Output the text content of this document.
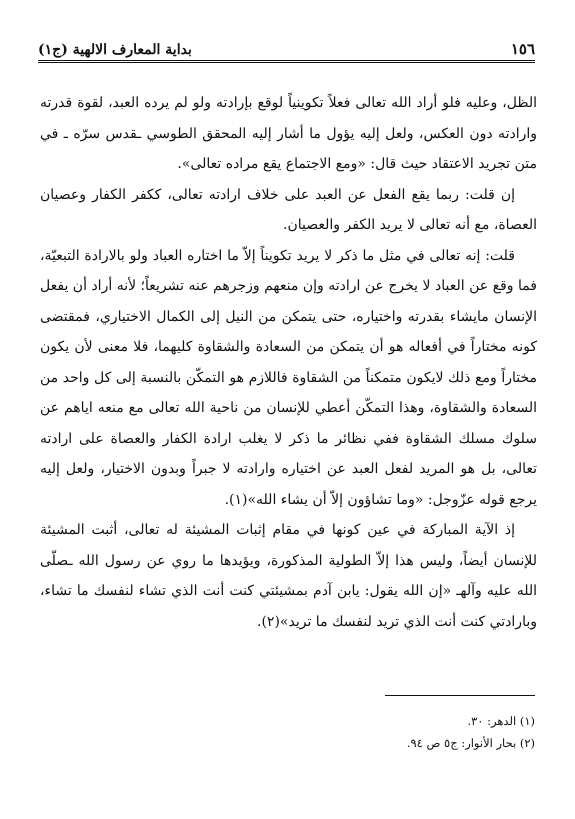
١٥٦
بداية المعارف الالهية (ج١)

الظل، وعليه فلو أراد الله تعالى فعلاً تكوينياً لوقع بإرادته ولو لم يرده العبد، لقوة قدرته وارادته دون العكس، ولعل إليه يؤول ما أشار إليه المحقق الطوسي ـقدس سرّه ـ في متن تجريد الاعتقاد حيث قال: «ومع الاجتماع يقع مراده تعالى».

إن قلت: ربما يقع الفعل عن العبد على خلاف ارادته تعالى، ككفر الكفار وعصيان العصاة، مع أنه تعالى لا يريد الكفر والعصيان.

قلت: إنه تعالى في مثل ما ذكر لا يريد تكويناً إلاّ ما اختاره العباد ولو بالارادة التبعيّة، فما وقع عن العباد لا يخرج عن ارادته وإن منعهم وزجرهم عنه تشريعاً؛ لأنه أراد أن يفعل الإنسان مايشاء بقدرته واختياره، حتى يتمكن من النيل إلى الكمال الاختياري، فمقتضى كونه مختاراً في أفعاله هو أن يتمكن من السعادة والشقاوة كليهما، فلا معنى لأن يكون مختاراً ومع ذلك لايكون متمكناً من الشقاوة فاللازم هو التمكّن بالنسبة إلى كل واحد من السعادة والشقاوة، وهذا التمكّن أعطي للإنسان من ناحية الله تعالى مع منعه اياهم عن سلوك مسلك الشقاوة ففي نظائر ما ذكر لا يغلب ارادة الكفار والعصاة على ارادته تعالى، بل هو المريد لفعل العبد عن اختياره وارادته لا جبراً وبدون الاختيار، ولعل إليه يرجع قوله عزّوجل: «وما تشاؤون إلاّ أن يشاء الله»(١).

إذ الآية المباركة في عين كونها في مقام إثبات المشيئة له تعالى، أثبت المشيئة للإنسان أيضاً، وليس هذا إلاّ الطولية المذكورة، ويؤيدها ما روي عن رسول الله ـصلّى الله عليه وآلهـ «إن الله يقول: يابن آدم بمشيئتي كنت أنت الذي تشاء لنفسك ما تشاء، وبارادتي كنت أنت الذي تريد لنفسك ما تريد»(٢).

(١) الدهر: ٣٠.
(٢) بحار الأنوار: ج٥ ص ٩٤.
